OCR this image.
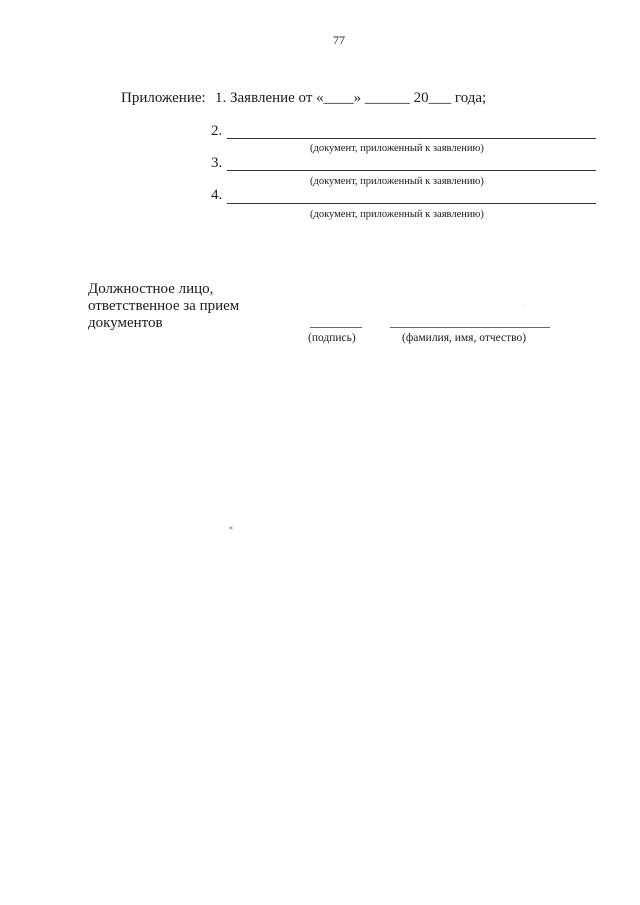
77
Приложение: 1. Заявление от «____» ______ 20___ года;
2.
(документ, приложенный к заявлению)
3.
(документ, приложенный к заявлению)
4.
(документ, приложенный к заявлению)
Должностное лицо, ответственное за прием документов
(подпись)	(фамилия, имя, отчество)
·
«
